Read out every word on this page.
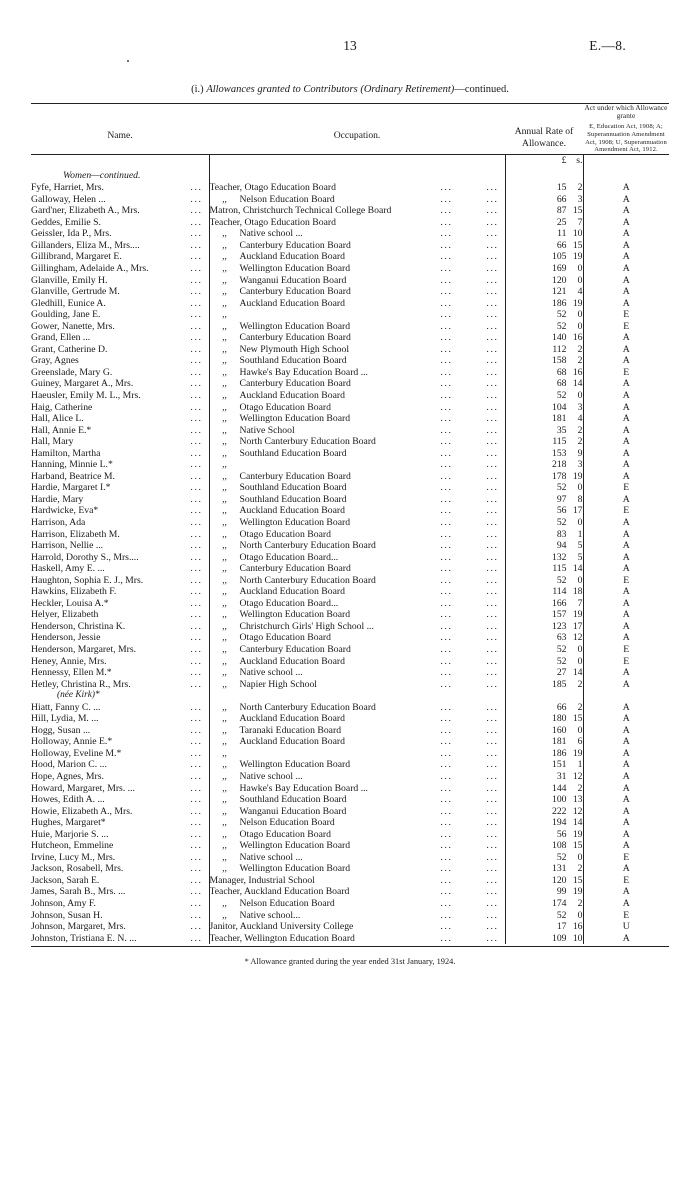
13	E.—8.
(i.) Allowances granted to Contributors (Ordinary Retirement)—continued.
Name.	Occupation.	Annual Rate of Allowance.	Act under which Allowance grante
E, Education Act, 1908; A; Superannuation Amendment Act, 1908; U, Superannuation Amendment Act, 1912.
		£ s.	
Women—continued.			
Fyfe, Harriet, Mrs. ...	Teacher, Otago Education Board ... ...	15 2	A
Galloway, Helen ... ...	,, Nelson Education Board ... ...	66 3	A
Gard'ner, Elizabeth A., Mrs. ...	Matron, Christchurch Technical College Board ... ...	87 15	A
Geddes, Emilie S. ...	Teacher, Otago Education Board ... ...	25 7	A
Geissler, Ida P., Mrs. ...	,, Native school ... ... ...	11 10	A
Gillanders, Eliza M., Mrs.... ...	,, Canterbury Education Board ... ...	66 15	A
Gillibrand, Margaret E. ...	,, Auckland Education Board ... ...	105 19	A
Gillingham, Adelaide A., Mrs. ...	,, Wellington Education Board ... ...	169 0	A
Glanville, Emily H. ...	,, Wanganui Education Board ... ...	120 0	A
Glanville, Gertrude M. ...	,, Canterbury Education Board ... ...	121 4	A
Gledhill, Eunice A. ...	,, Auckland Education Board ... ...	186 19	A
Goulding, Jane E. ...	,, ... ...	52 0	E
Gower, Nanette, Mrs. ...	,, Wellington Education Board ... ...	52 0	E
Grand, Ellen ... ...	,, Canterbury Education Board ... ...	140 16	A
Grant, Catherine D. ...	,, New Plymouth High School ... ...	112 2	A
Gray, Agnes ...	,, Southland Education Board ... ...	158 2	A
Greenslade, Mary G. ...	,, Hawke's Bay Education Board ... ... ...	68 16	E
Guiney, Margaret A., Mrs. ...	,, Canterbury Education Board ... ...	68 14	A
Haeusler, Emily M. L., Mrs. ...	,, Auckland Education Board ... ...	52 0	A
Haig, Catherine ...	,, Otago Education Board ... ...	104 3	A
Hall, Alice L. ...	,, Wellington Education Board ... ...	181 4	A
Hall, Annie E.* ...	,, Native School ... ...	35 2	A
Hall, Mary ...	,, North Canterbury Education Board ... ...	115 2	A
Hamilton, Martha ...	,, Southland Education Board ... ...	153 9	A
Hanning, Minnie L.* ...	,, ... ...	218 3	A
Harband, Beatrice M. ...	,, Canterbury Education Board ... ...	178 19	A
Hardie, Margaret I.* ...	,, Southland Education Board ... ...	52 0	E
Hardie, Mary ...	,, Southland Education Board ... ...	97 8	A
Hardwicke, Eva* ...	,, Auckland Education Board ... ...	56 17	E
Harrison, Ada ...	,, Wellington Education Board ... ...	52 0	A
Harrison, Elizabeth M. ...	,, Otago Education Board ... ...	83 1	A
Harrison, Nellie ... ...	,, North Canterbury Education Board ... ...	94 5	A
Harrold, Dorothy S., Mrs.... ...	,, Otago Education Board... ... ...	132 5	A
Haskell, Amy E. ... ...	,, Canterbury Education Board ... ...	115 14	A
Haughton, Sophia E. J., Mrs. ...	,, North Canterbury Education Board ... ...	52 0	E
Hawkins, Elizabeth F. ...	,, Auckland Education Board ... ...	114 18	A
Heckler, Louisa A.* ...	,, Otago Education Board... ... ...	166 7	A
Helyer, Elizabeth ...	,, Wellington Education Board ... ...	157 19	A
Henderson, Christina K. ...	,, Christchurch Girls' High School ... ... ...	123 17	A
Henderson, Jessie ...	,, Otago Education Board ... ...	63 12	A
Henderson, Margaret, Mrs. ...	,, Canterbury Education Board ... ...	52 0	E
Heney, Annie, Mrs. ...	,, Auckland Education Board ... ...	52 0	E
Hennessy, Ellen M.* ...	,, Native school ... ... ...	27 14	A
Hetley, Christina R., Mrs. ...	,, Napier High School ... ...	185 2	A
(née Kirk)*			
Hiatt, Fanny C. ... ...	,, North Canterbury Education Board ... ...	66 2	A
Hill, Lydia, M. ... ...	,, Auckland Education Board ... ...	180 15	A
Hogg, Susan ... ...	,, Taranaki Education Board ... ...	160 0	A
Holloway, Annie E.* ...	,, Auckland Education Board ... ...	181 6	A
Holloway, Eveline M.* ...	,, ... ...	186 19	A
Hood, Marion C. ... ...	,, Wellington Education Board ... ...	151 1	A
Hope, Agnes, Mrs. ...	,, Native school ... ... ...	31 12	A
Howard, Margaret, Mrs. ... ...	,, Hawke's Bay Education Board ... ... ...	144 2	A
Howes, Edith A. ... ...	,, Southland Education Board ... ...	100 13	A
Howie, Elizabeth A., Mrs. ...	,, Wanganui Education Board ... ...	222 12	A
Hughes, Margaret* ...	,, Nelson Education Board ... ...	194 14	A
Huie, Marjorie S. ... ...	,, Otago Education Board ... ...	56 19	A
Hutcheon, Emmeline ...	,, Wellington Education Board ... ...	108 15	A
Irvine, Lucy M., Mrs. ...	,, Native school ... ... ...	52 0	E
Jackson, Rosabell, Mrs. ...	,, Wellington Education Board ... ...	131 2	A
Jackson, Sarah E. ...	Manager, Industrial School ... ...	120 15	E
James, Sarah B., Mrs. ... ...	Teacher, Auckland Education Board ... ...	99 19	A
Johnson, Amy F. ...	,, Nelson Education Board ... ...	174 2	A
Johnson, Susan H. ...	,, Native school... ... ...	52 0	E
Johnson, Margaret, Mrs. ...	Janitor, Auckland University College ... ...	17 16	U
Johnston, Tristiana E. N. ... ...	Teacher, Wellington Education Board ... ...	109 10	A
* Allowance granted during the year ended 31st January, 1924.
